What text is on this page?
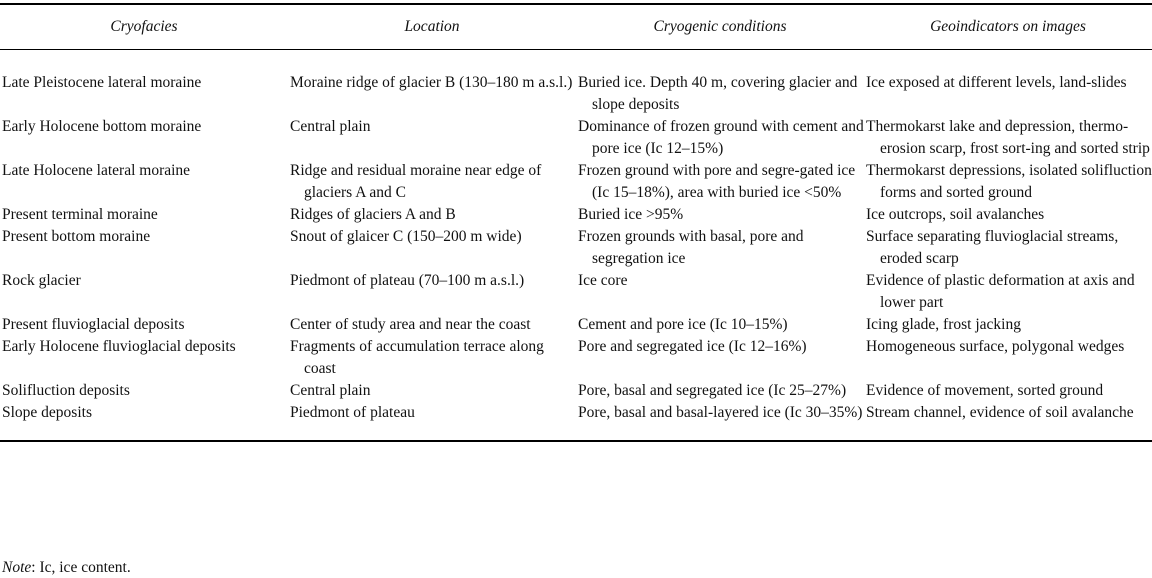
Cryofacies	Location	Cryogenic conditions	Geoindicators on images

Late Pleistocene lateral moraine	Moraine ridge of glacier B (130–180 m a.s.l.)	Buried ice. Depth 40 m, covering glacier and slope deposits	Ice exposed at different levels, land-slides

Early Holocene bottom moraine	Central plain	Dominance of frozen ground with cement and pore ice (Ic 12–15%)	Thermokarst lake and depression, thermo-erosion scarp, frost sort-ing and sorted strip

Late Holocene lateral moraine	Ridge and residual moraine near edge of glaciers A and C	Frozen ground with pore and segre-gated ice (Ic 15–18%), area with buried ice <50%	Thermokarst depressions, isolated solifluction forms and sorted ground

Present terminal moraine	Ridges of glaciers A and B	Buried ice >95%	Ice outcrops, soil avalanches

Present bottom moraine	Snout of glaicer C (150–200 m wide)	Frozen grounds with basal, pore and segregation ice	Surface separating fluvioglacial streams, eroded scarp

Rock glacier	Piedmont of plateau (70–100 m a.s.l.)	Ice core	Evidence of plastic deformation at axis and lower part

Present fluvioglacial deposits	Center of study area and near the coast	Cement and pore ice (Ic 10–15%)	Icing glade, frost jacking

Early Holocene fluvioglacial deposits	Fragments of accumulation terrace along coast	Pore and segregated ice (Ic 12–16%)	Homogeneous surface, polygonal wedges

Solifluction deposits	Central plain	Pore, basal and segregated ice (Ic 25–27%)	Evidence of movement, sorted ground

Slope deposits	Piedmont of plateau	Pore, basal and basal-layered ice (Ic 30–35%)	Stream channel, evidence of soil avalanche
Note: Ic, ice content.
